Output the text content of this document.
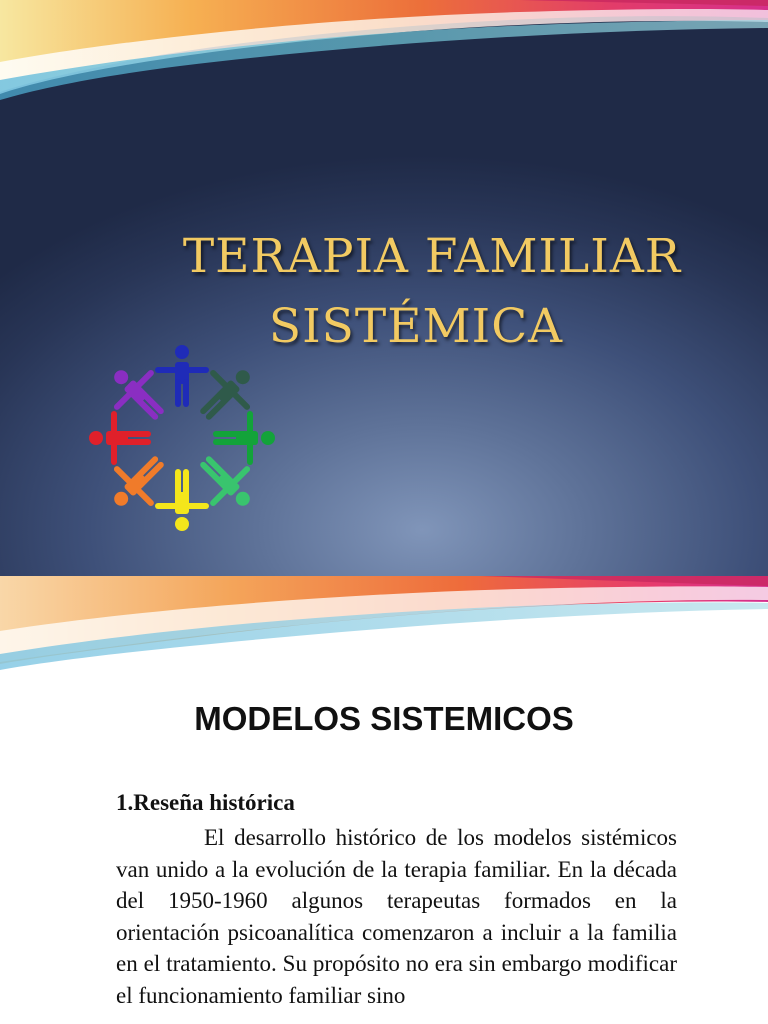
TERAPIA FAMILIAR
SISTÉMICA
MODELOS SISTEMICOS
1.Reseña histórica

El desarrollo histórico de los modelos sistémicos van unido a la evolución de la terapia familiar. En la década del 1950-1960 algunos terapeutas formados en la orientación psicoanalítica comenzaron a incluir a la familia en el tratamiento. Su propósito no era sin embargo modificar el funcionamiento familiar sino
